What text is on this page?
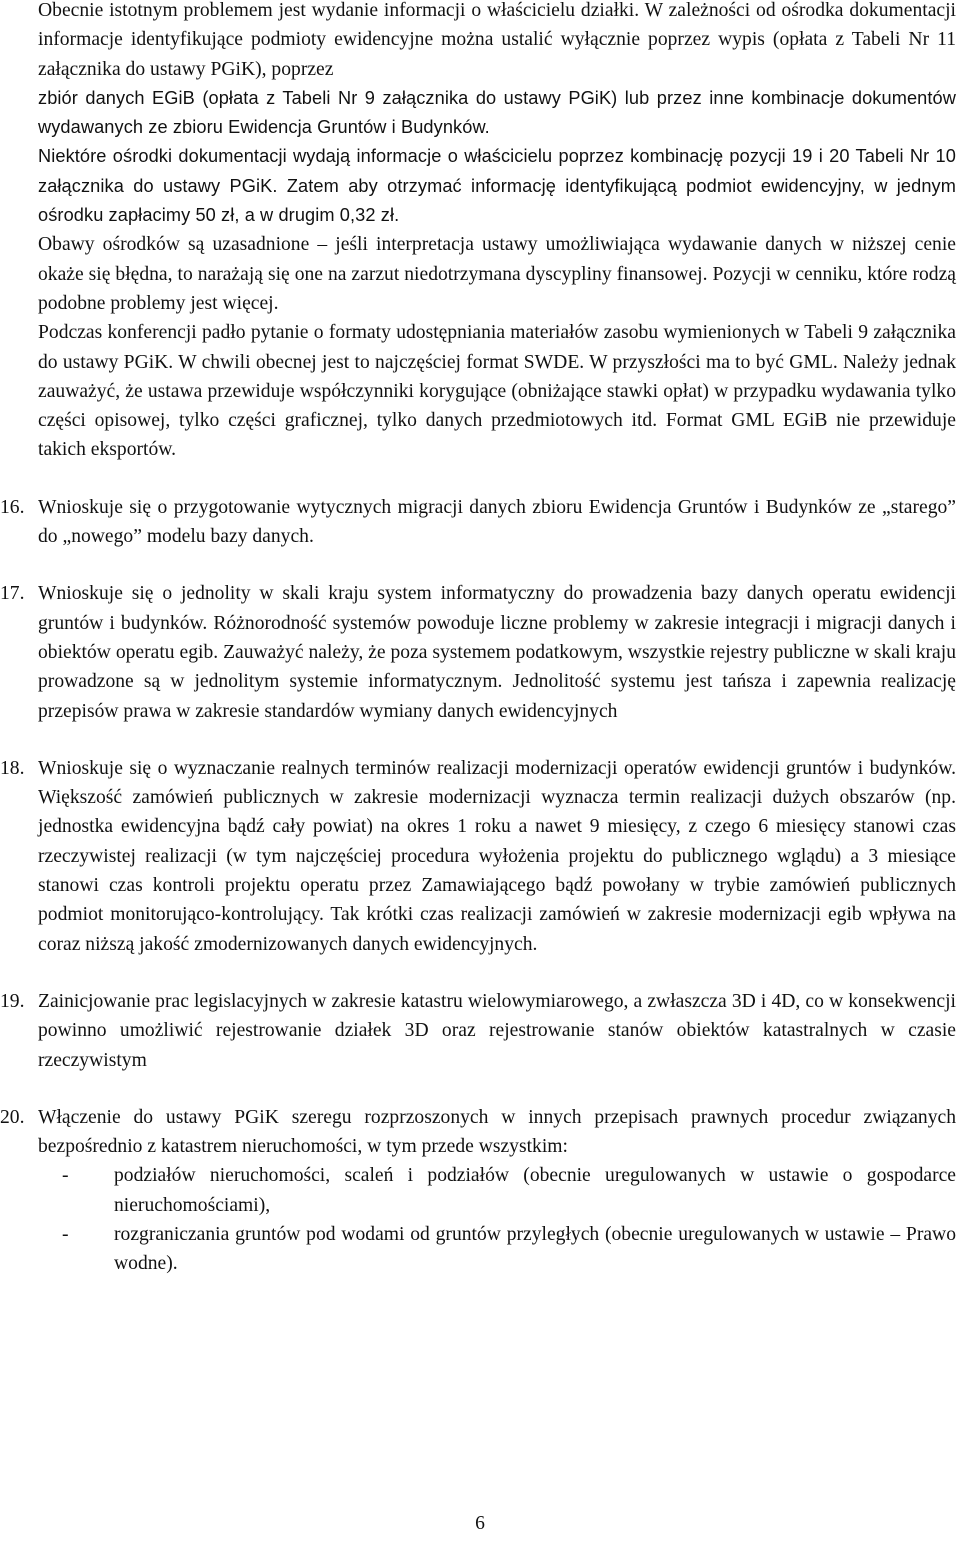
Obecnie istotnym problemem jest wydanie informacji o właścicielu działki. W zależności od ośrodka dokumentacji informacje identyfikujące podmioty ewidencyjne można ustalić wyłącznie poprzez wypis (opłata z Tabeli Nr 11 załącznika do ustawy PGiK), poprzez

zbiór danych EGiB (opłata z Tabeli Nr 9 załącznika do ustawy PGiK) lub przez inne kombinacje dokumentów wydawanych ze zbioru Ewidencja Gruntów i Budynków.

Niektóre ośrodki dokumentacji wydają informacje o właścicielu poprzez kombinację pozycji 19 i 20 Tabeli Nr 10 załącznika do ustawy PGiK. Zatem aby otrzymać informację identyfikującą podmiot ewidencyjny, w jednym ośrodku zapłacimy 50 zł, a w drugim 0,32 zł.

Obawy ośrodków są uzasadnione – jeśli interpretacja ustawy umożliwiająca wydawanie danych w niższej cenie okaże się błędna, to narażają się one na zarzut niedotrzymana dyscypliny finansowej. Pozycji w cenniku, które rodzą podobne problemy jest więcej.

Podczas konferencji padło pytanie o formaty udostępniania materiałów zasobu wymienionych w Tabeli 9 załącznika do ustawy PGiK. W chwili obecnej jest to najczęściej format SWDE. W przyszłości ma to być GML. Należy jednak zauważyć, że ustawa przewiduje współczynniki korygujące (obniżające stawki opłat) w przypadku wydawania tylko części opisowej, tylko części graficznej, tylko danych przedmiotowych itd. Format GML EGiB nie przewiduje takich eksportów.

16. Wnioskuje się o przygotowanie wytycznych migracji danych zbioru Ewidencja Gruntów i Budynków ze „starego” do „nowego” modelu bazy danych.

17. Wnioskuje się o jednolity w skali kraju system informatyczny do prowadzenia bazy danych operatu ewidencji gruntów i budynków. Różnorodność systemów powoduje liczne problemy w zakresie integracji i migracji danych i obiektów operatu egib. Zauważyć należy, że poza systemem podatkowym, wszystkie rejestry publiczne w skali kraju prowadzone są w jednolitym systemie informatycznym. Jednolitość systemu jest tańsza i zapewnia realizację przepisów prawa w zakresie standardów wymiany danych ewidencyjnych

18. Wnioskuje się o wyznaczanie realnych terminów realizacji modernizacji operatów ewidencji gruntów i budynków. Większość zamówień publicznych w zakresie modernizacji wyznacza termin realizacji dużych obszarów (np. jednostka ewidencyjna bądź cały powiat) na okres 1 roku a nawet 9 miesięcy, z czego 6 miesięcy stanowi czas rzeczywistej realizacji (w tym najczęściej procedura wyłożenia projektu do publicznego wglądu) a 3 miesiące stanowi czas kontroli projektu operatu przez Zamawiającego bądź powołany w trybie zamówień publicznych podmiot monitorująco-kontrolujący. Tak krótki czas realizacji zamówień w zakresie modernizacji egib wpływa na coraz niższą jakość zmodernizowanych danych ewidencyjnych.

19. Zainicjowanie prac legislacyjnych w zakresie katastru wielowymiarowego, a zwłaszcza 3D i 4D, co w konsekwencji powinno umożliwić rejestrowanie działek 3D oraz rejestrowanie stanów obiektów katastralnych w czasie rzeczywistym

20. Włączenie do ustawy PGiK szeregu rozprzoszonych w innych przepisach prawnych procedur związanych bezpośrednio z katastrem nieruchomości, w tym przede wszystkim:

- podziałów nieruchomości, scaleń i podziałów (obecnie uregulowanych w ustawie o gospodarce nieruchomościami),

- rozgraniczania gruntów pod wodami od gruntów przyległych (obecnie uregulowanych w ustawie – Prawo wodne).

6
